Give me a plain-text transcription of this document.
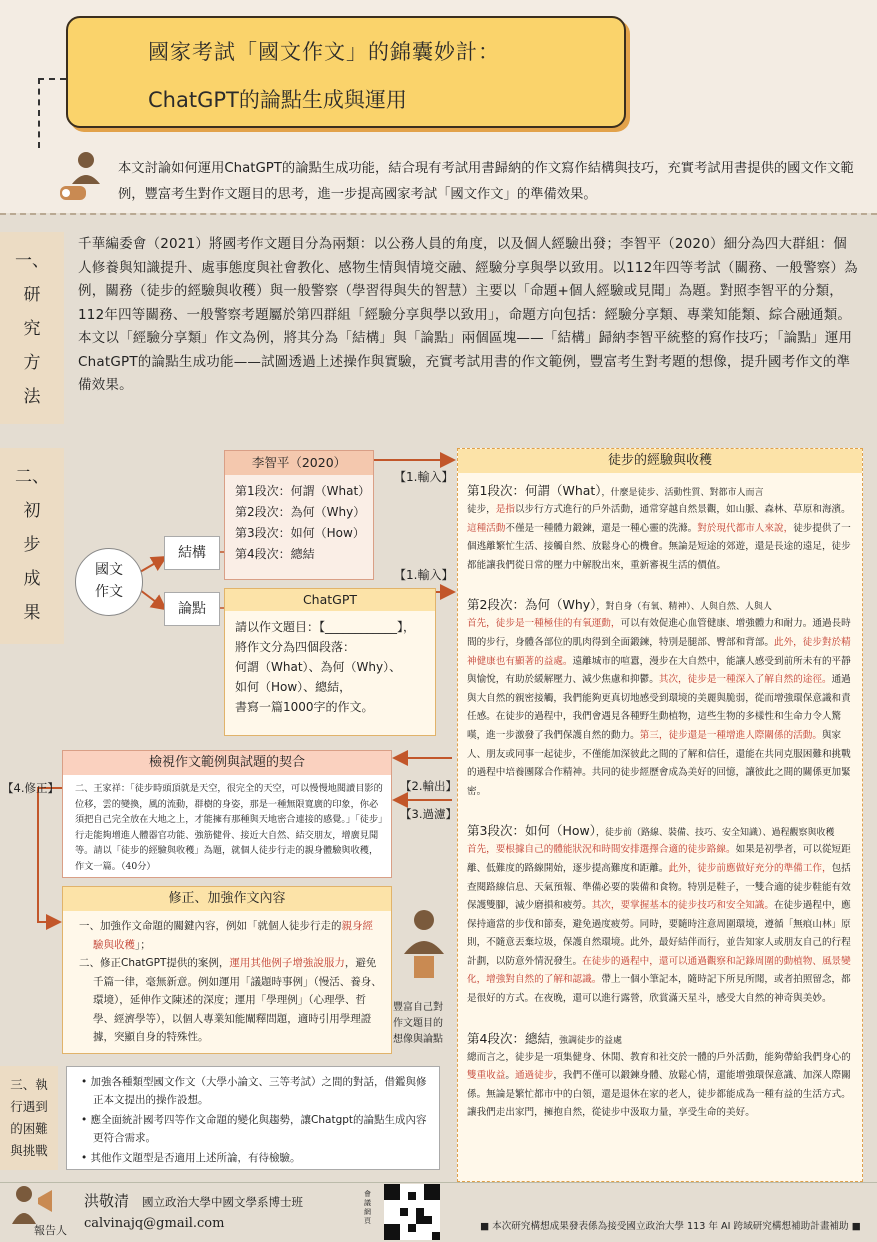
國家考試「國文作文」的錦囊妙計：
ChatGPT的論點生成與運用
本文討論如何運用ChatGPT的論點生成功能，結合現有考試用書歸納的作文寫作結構與技巧，充實考試用書提供的國文作文範例，豐富考生對作文題目的思考，進一步提高國家考試「國文作文」的準備效果。
一、
研
究
方
法
千華編委會（2021）將國考作文題目分為兩類：以公務人員的角度，以及個人經驗出發；李智平（2020）細分為四大群組：個人修養與知識提升、處事態度與社會教化、感物生情與情境交融、經驗分享與學以致用。以112年四等考試（關務、一般警察）為例，關務（徒步的經驗與收穫）與一般警察（學習得與失的智慧）主要以「命題+個人經驗或見聞」為題。對照李智平的分類，112年四等關務、一般警察考題屬於第四群組「經驗分享與學以致用」，命題方向包括：經驗分享類、專業知能類、綜合融通類。本文以「經驗分享類」作文為例，將其分為「結構」與「論點」兩個區塊——「結構」歸納李智平統整的寫作技巧；「論點」運用ChatGPT的論點生成功能——試圖透過上述操作與實驗，充實考試用書的作文範例，豐富考生對考題的想像，提升國考作文的準備效果。
二、
初
步
成
果
國文
作文
結構
論點
李智平（2020）
第1段次：何謂（What）
第2段次：為何（Why）
第3段次：如何（How）
第4段次：總結
【1.輸入】
ChatGPT
請以作文題目：【____________】，
將作文分為四個段落：
何謂（What）、為何（Why）、
如何（How）、總結，
書寫一篇1000字的作文。
【1.輸入】
檢視作文範例與試題的契合
二、王家祥：「徒步時頭頂就是天空，很完全的天空，可以慢慢地閱讀目影的位移，雲的變換，風的流動，群樹的身姿，那是一種無限寬廣的印象，你必須把自己完全放在大地之上，才能擁有那種與天地密合連接的感覺。」「徒步」行走能夠增進人體器官功能、強筋健骨、接近大自然、結交朋友，增廣見聞等。請以「徒步的經驗與收穫」為題，就個人徒步行走的親身體驗與收穫，作文一篇。（40分）
【2.輸出】
【3.過濾】
【4.修正】
修正、加強作文內容
一、加強作文命題的關鍵內容，例如「就個人徒步行走的親身經驗與收穫」；
二、修正ChatGPT提供的案例，運用其他例子增強說服力，避免千篇一律，毫無新意。例如運用「議題時事例」（慢活、養身、環境），延伸作文陳述的深度；運用「學理例」（心理學、哲學、經濟學等），以個人專業知能闡釋問題，適時引用學理證據，突顯自身的特殊性。
豐富自己對作文題目的想像與論點
徒步的經驗與收穫
第1段次：何謂（What），什麼是徒步、活動性質、對都市人而言
徒步，是指以步行方式進行的戶外活動，通常穿越自然景觀，如山脈、森林、草原和海濱。這種活動不僅是一種體力鍛鍊，還是一種心靈的洗滌。對於現代都市人來說，徒步提供了一個逃離繁忙生活、接觸自然、放鬆身心的機會。無論是短途的郊遊，還是長途的遠足，徒步都能讓我們從日常的壓力中解脫出來，重新審視生活的價值。
第2段次：為何（Why），對自身（有氧、精神）、人與自然、人與人
首先，徒步是一種極佳的有氧運動，可以有效促進心血管健康、增強體力和耐力。通過長時間的步行，身體各部位的肌肉得到全面鍛鍊，特別是腿部、臀部和背部。此外，徒步對於精神健康也有顯著的益處。遠離城市的喧囂，漫步在大自然中，能讓人感受到前所未有的平靜與愉悅，有助於緩解壓力、減少焦慮和抑鬱。其次，徒步是一種深入了解自然的途徑。通過與大自然的親密接觸，我們能夠更真切地感受到環境的美麗與脆弱，從而增強環保意識和責任感。在徒步的過程中，我們會遇見各種野生動植物，這些生物的多樣性和生命力令人驚嘆，進一步激發了我們保護自然的動力。第三，徒步還是一種增進人際關係的活動。與家人、朋友或同事一起徒步，不僅能加深彼此之間的了解和信任，還能在共同克服困難和挑戰的過程中培養團隊合作精神。共同的徒步經歷會成為美好的回憶，讓彼此之間的關係更加緊密。
第3段次：如何（How），徒步前（路線、裝備、技巧、安全知識）、過程觀察與收穫
首先，要根據自己的體能狀況和時間安排選擇合適的徒步路線。如果是初學者，可以從短距離、低難度的路線開始，逐步提高難度和距離。此外，徒步前應做好充分的準備工作，包括查閱路線信息、天氣預報、準備必要的裝備和食物。特別是鞋子，一雙合適的徒步鞋能有效保護雙腳，減少磨損和疲勞。其次，要掌握基本的徒步技巧和安全知識。在徒步過程中，應保持適當的步伐和節奏，避免過度疲勞。同時，要隨時注意周圍環境，遵循「無痕山林」原則，不隨意丟棄垃圾，保護自然環境。此外，最好結伴而行，並告知家人或朋友自己的行程計劃，以防意外情況發生。在徒步的過程中，還可以通過觀察和記錄周圍的動植物、風景變化，增強對自然的了解和認識。帶上一個小筆記本，隨時記下所見所聞，或者拍照留念，都是很好的方式。在夜晚，還可以進行露營，欣賞滿天星斗，感受大自然的神奇與美妙。
第4段次：總結，強調徒步的益處
總而言之，徒步是一項集健身、休閒、教育和社交於一體的戶外活動，能夠帶給我們身心的雙重收益。通過徒步，我們不僅可以鍛鍊身體、放鬆心情，還能增強環保意識、加深人際關係。無論是繁忙都市中的白領，還是退休在家的老人，徒步都能成為一種有益的生活方式。讓我們走出家門，擁抱自然，從徒步中汲取力量，享受生命的美好。
三、執
行遇到
的困難
與挑戰
• 加強各種類型國文作文（大學小論文、三等考試）之間的對話，借鑑與修正本文提出的操作設想。
• 應全面統計國考四等作文命題的變化與趨勢，讓Chatgpt的論點生成內容更符合需求。
• 其他作文題型是否適用上述所論，有待檢驗。
報告人
洪敬清 國立政治大學中國文學系博士班
calvinajq@gmail.com
會議網頁	■ 本次研究構想成果發表係為接受國立政治大學 113 年 AI 跨域研究構想補助計畫補助 ■
